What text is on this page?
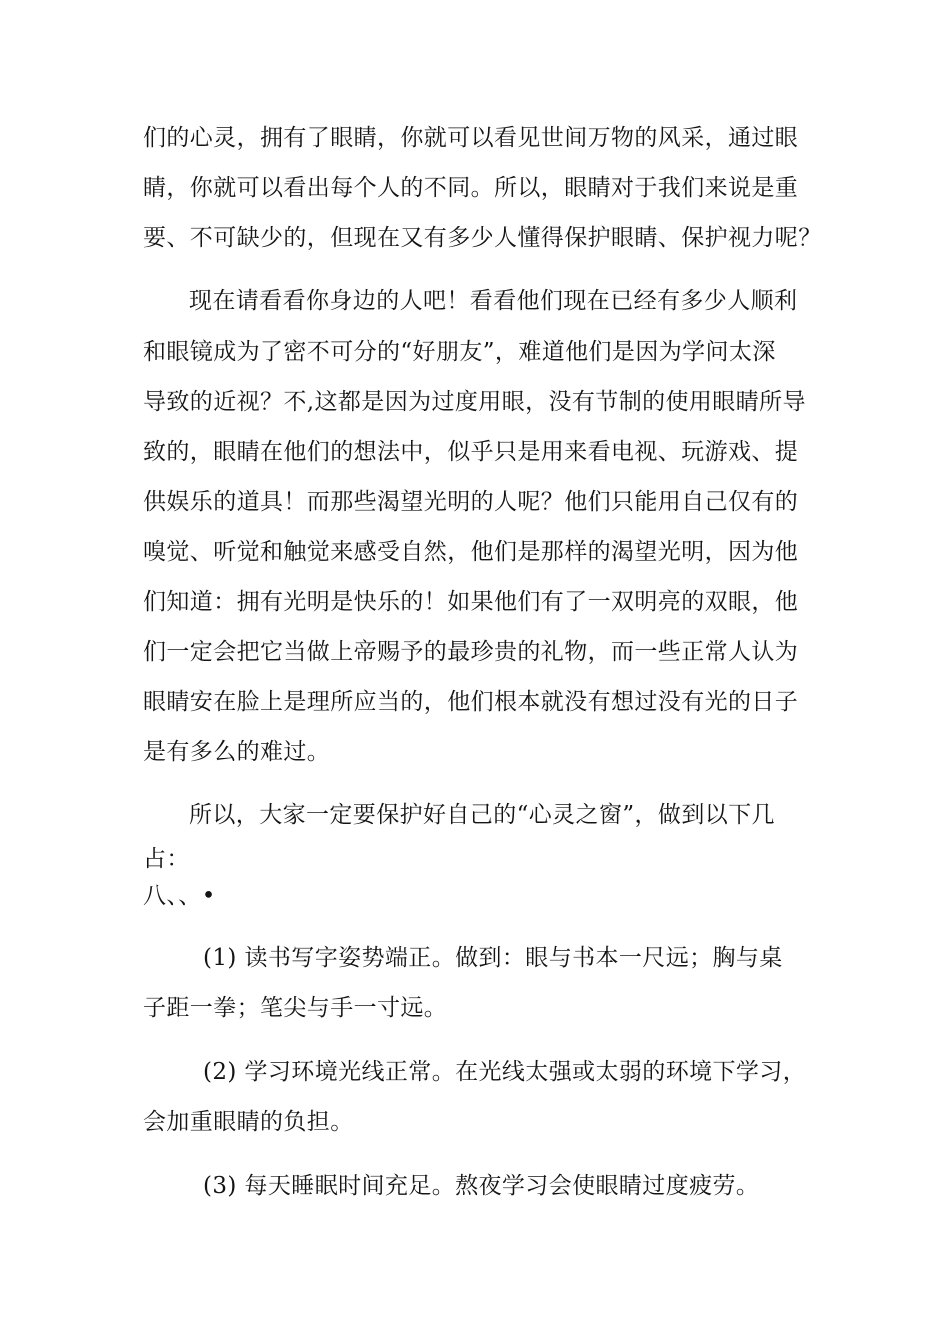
们的心灵，拥有了眼睛，你就可以看见世间万物的风采，通过眼
睛，你就可以看出每个人的不同。所以，眼睛对于我们来说是重
要、不可缺少的，但现在又有多少人懂得保护眼睛、保护视力呢？
现在请看看你身边的人吧！看看他们现在已经有多少人顺利
和眼镜成为了密不可分的“好朋友”，难道他们是因为学问太深
导致的近视？不,这都是因为过度用眼，没有节制的使用眼睛所导
致的，眼睛在他们的想法中，似乎只是用来看电视、玩游戏、提
供娱乐的道具！而那些渴望光明的人呢？他们只能用自己仅有的
嗅觉、听觉和触觉来感受自然，他们是那样的渴望光明，因为他
们知道：拥有光明是快乐的！如果他们有了一双明亮的双眼，他
们一定会把它当做上帝赐予的最珍贵的礼物，而一些正常人认为
眼睛安在脸上是理所应当的，他们根本就没有想过没有光的日子
是有多么的难过。
所以，大家一定要保护好自己的“心灵之窗”，做到以下几
占：
八、、•
(1) 读书写字姿势端正。做到：眼与书本一尺远；胸与桌
子距一拳；笔尖与手一寸远。
(2) 学习环境光线正常。在光线太强或太弱的环境下学习，
会加重眼睛的负担。
(3) 每天睡眠时间充足。熬夜学习会使眼睛过度疲劳。
